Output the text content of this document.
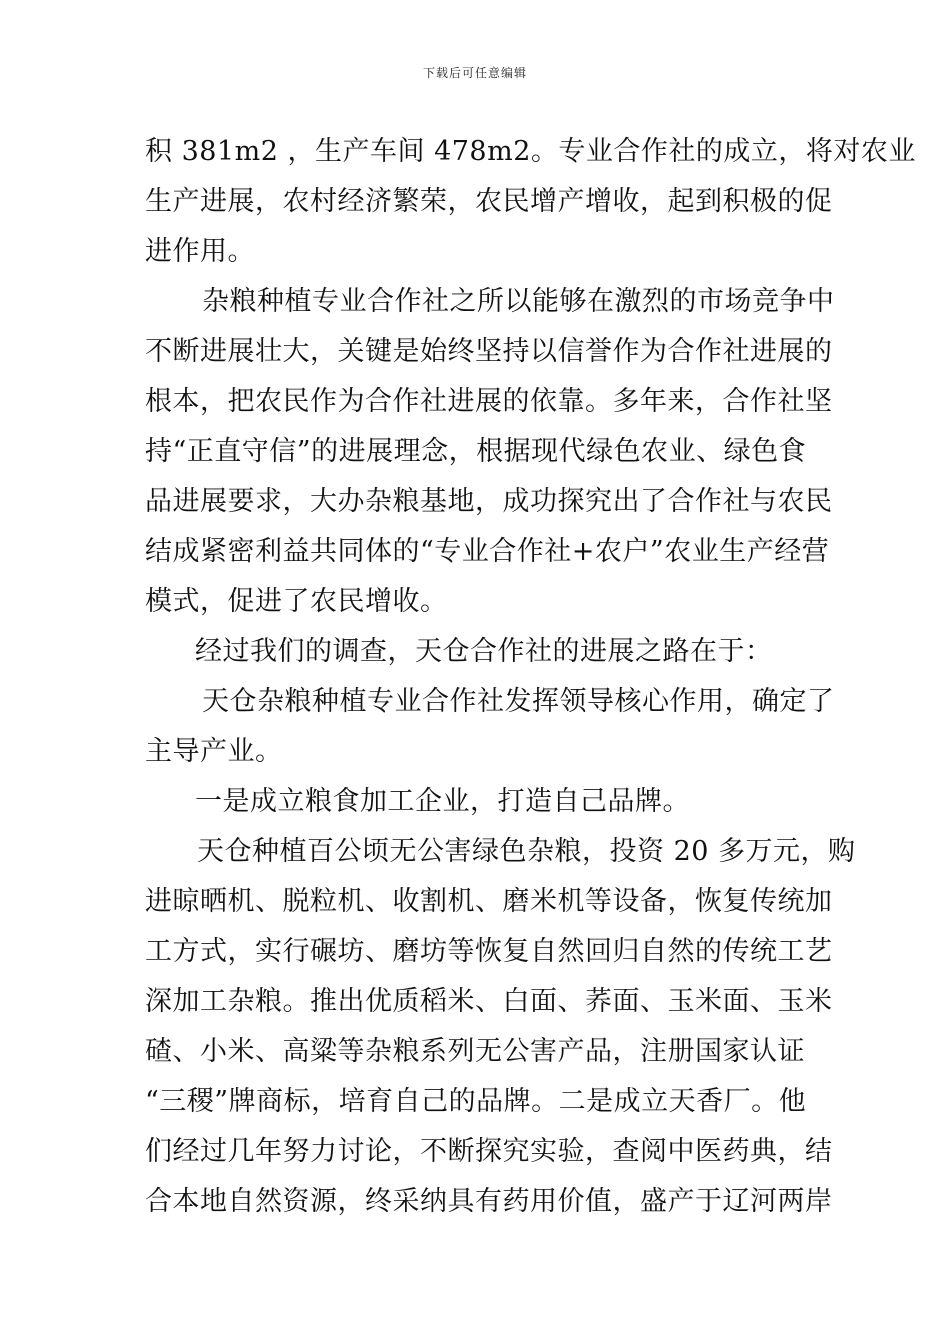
下载后可任意编辑
积 381m2 ，生产车间 478m2。专业合作社的成立，将对农业
生产进展，农村经济繁荣，农民增产增收，起到积极的促
进作用。
杂粮种植专业合作社之所以能够在激烈的市场竞争中
不断进展壮大，关键是始终坚持以信誉作为合作社进展的
根本，把农民作为合作社进展的依靠。多年来，合作社坚
持“正直守信”的进展理念，根据现代绿色农业、绿色食
品进展要求，大办杂粮基地，成功探究出了合作社与农民
结成紧密利益共同体的“专业合作社+农户”农业生产经营
模式，促进了农民增收。
经过我们的调查，天仓合作社的进展之路在于：
天仓杂粮种植专业合作社发挥领导核心作用，确定了
主导产业。
一是成立粮食加工企业，打造自己品牌。
天仓种植百公顷无公害绿色杂粮，投资 20 多万元，购
进晾晒机、脱粒机、收割机、磨米机等设备，恢复传统加
工方式，实行碾坊、磨坊等恢复自然回归自然的传统工艺
深加工杂粮。推出优质稻米、白面、荞面、玉米面、玉米
碴、小米、高粱等杂粮系列无公害产品，注册国家认证
“三稷”牌商标，培育自己的品牌。二是成立天香厂。他
们经过几年努力讨论，不断探究实验，查阅中医药典，结
合本地自然资源，终采纳具有药用价值，盛产于辽河两岸
